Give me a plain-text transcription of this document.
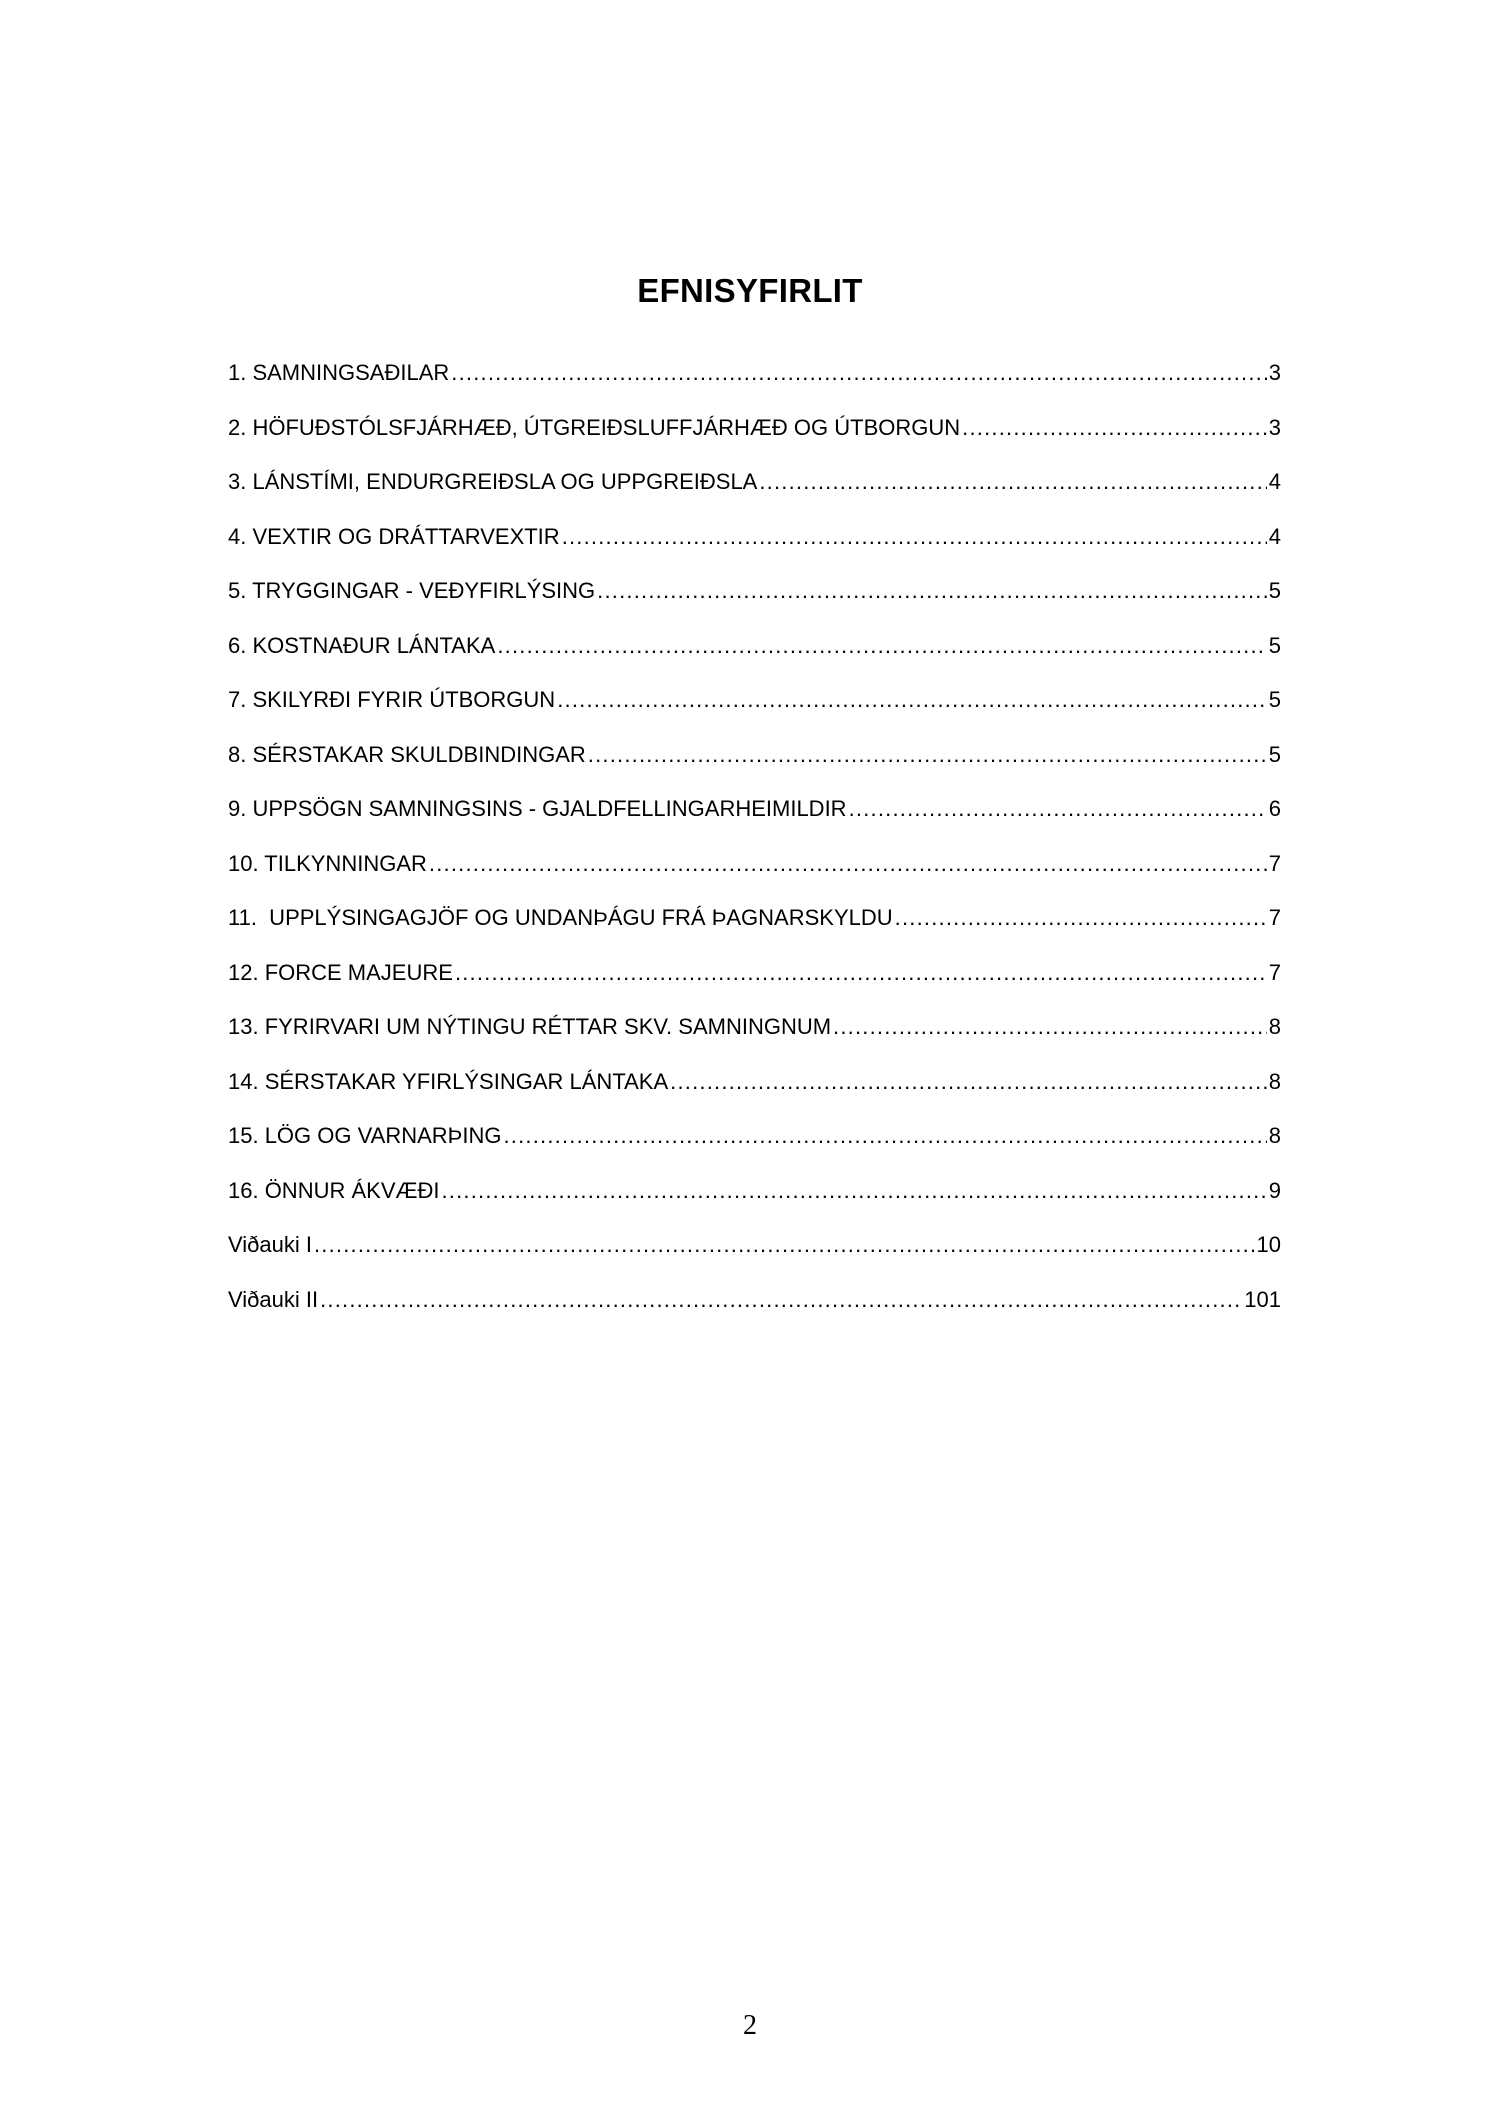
EFNISYFIRLIT
1. SAMNINGSAÐILAR .....	3
2. HÖFUÐSTÓLSFJÁRHÆÐ, ÚTGREIÐSLUFFJÁRHÆÐ OG ÚTBORGUN .....	3
3. LÁNSTÍMI, ENDURGREIÐSLA OG UPPGREIÐSLA .....	4
4. VEXTIR OG DRÁTTARVEXTIR .....	4
5. TRYGGINGAR - VEÐYFIRLÝSING .....	5
6. KOSTNAÐUR LÁNTAKA .....	5
7. SKILYRÐI FYRIR ÚTBORGUN .....	5
8. SÉRSTAKAR SKULDBINDINGAR .....	5
9. UPPSÖGN SAMNINGSINS - GJALDFELLINGARHEIMILDIR .....	6
10. TILKYNNINGAR .....	7
11.  UPPLÝSINGAGJÖF OG UNDANÞÁGU FRÁ ÞAGNARSKYLDU .....	7
12. FORCE MAJEURE .....	7
13. FYRIRVARI UM NÝTINGU RÉTTAR SKV. SAMNINGNUM .....	8
14. SÉRSTAKAR YFIRLÝSINGAR LÁNTAKA .....	8
15. LÖG OG VARNARÞING .....	8
16. ÖNNUR ÁKVÆÐI .....	9
Viðauki I .....	10
Viðauki II .....	101
2
